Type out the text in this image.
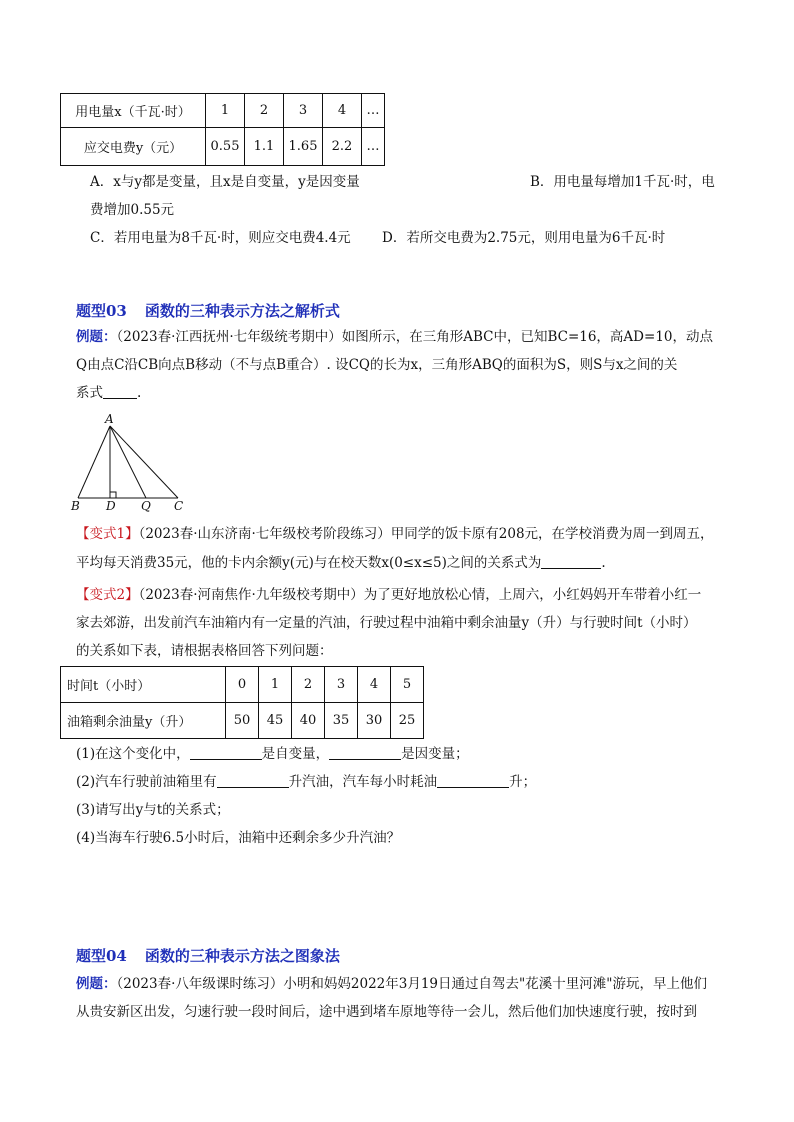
用电量x（千瓦·时）	1	2	3	4	…
应交电费y（元）	0.55	1.1	1.65	2.2	…
A．x与y都是变量，且x是自变量，y是因变量	B．用电量每增加1千瓦·时，电
费增加0.55元
C．若用电量为8千瓦·时，则应交电费4.4元 D．若所交电费为2.75元，则用电量为6千瓦·时
题型03 函数的三种表示方法之解析式
例题：（2023春·江西抚州·七年级统考期中）如图所示，在三角形ABC中，已知BC=16，高AD=10，动点
Q由点C沿CB向点B移动（不与点B重合）. 设CQ的长为x，三角形ABQ的面积为S，则S与x之间的关
系式	.
A
B D Q C
【变式1】（2023春·山东济南·七年级校考阶段练习）甲同学的饭卡原有208元，在学校消费为周一到周五，
平均每天消费35元，他的卡内余额y(元)与在校天数x(0≤x≤5)之间的关系式为	.
【变式2】（2023春·河南焦作·九年级校考期中）为了更好地放松心情，上周六，小红妈妈开车带着小红一
家去郊游，出发前汽车油箱内有一定量的汽油，行驶过程中油箱中剩余油量y（升）与行驶时间t（小时）
的关系如下表，请根据表格回答下列问题：
时间t（小时）	0	1	2	3	4	5
油箱剩余油量y（升）	50	45	40	35	30	25
(1)在这个变化中，	是自变量，	是因变量；
(2)汽车行驶前油箱里有	升汽油，汽车每小时耗油	升；
(3)请写出y与t的关系式；
(4)当海车行驶6.5小时后，油箱中还剩余多少升汽油？
题型04 函数的三种表示方法之图象法
例题：（2023春·八年级课时练习）小明和妈妈2022年3月19日通过自驾去"花溪十里河滩"游玩，早上他们
从贵安新区出发，匀速行驶一段时间后，途中遇到堵车原地等待一会儿，然后他们加快速度行驶，按时到
